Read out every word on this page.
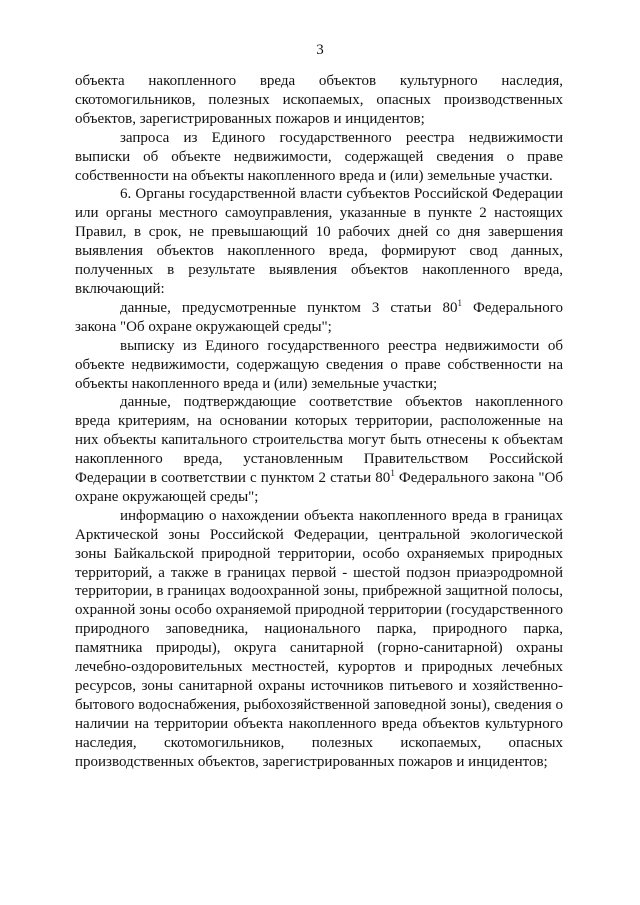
3

объекта накопленного вреда объектов культурного наследия, скотомогильников, полезных ископаемых, опасных производственных объектов, зарегистрированных пожаров и инцидентов;

запроса из Единого государственного реестра недвижимости выписки об объекте недвижимости, содержащей сведения о праве собственности на объекты накопленного вреда и (или) земельные участки.

6. Органы государственной власти субъектов Российской Федерации или органы местного самоуправления, указанные в пункте 2 настоящих Правил, в срок, не превышающий 10 рабочих дней со дня завершения выявления объектов накопленного вреда, формируют свод данных, полученных в результате выявления объектов накопленного вреда, включающий:

данные, предусмотренные пунктом 3 статьи $80^1$ Федерального закона "Об охране окружающей среды";

выписку из Единого государственного реестра недвижимости об объекте недвижимости, содержащую сведения о праве собственности на объекты накопленного вреда и (или) земельные участки;

данные, подтверждающие соответствие объектов накопленного вреда критериям, на основании которых территории, расположенные на них объекты капитального строительства могут быть отнесены к объектам накопленного вреда, установленным Правительством Российской Федерации в соответствии с пунктом 2 статьи $80^1$ Федерального закона "Об охране окружающей среды";

информацию о нахождении объекта накопленного вреда в границах Арктической зоны Российской Федерации, центральной экологической зоны Байкальской природной территории, особо охраняемых природных территорий, а также в границах первой - шестой подзон приаэродромной территории, в границах водоохранной зоны, прибрежной защитной полосы, охранной зоны особо охраняемой природной территории (государственного природного заповедника, национального парка, природного парка, памятника природы), округа санитарной (горно-санитарной) охраны лечебно-оздоровительных местностей, курортов и природных лечебных ресурсов, зоны санитарной охраны источников питьевого и хозяйственно-бытового водоснабжения, рыбохозяйственной заповедной зоны), сведения о наличии на территории объекта накопленного вреда объектов культурного наследия, скотомогильников, полезных ископаемых, опасных производственных объектов, зарегистрированных пожаров и инцидентов;
